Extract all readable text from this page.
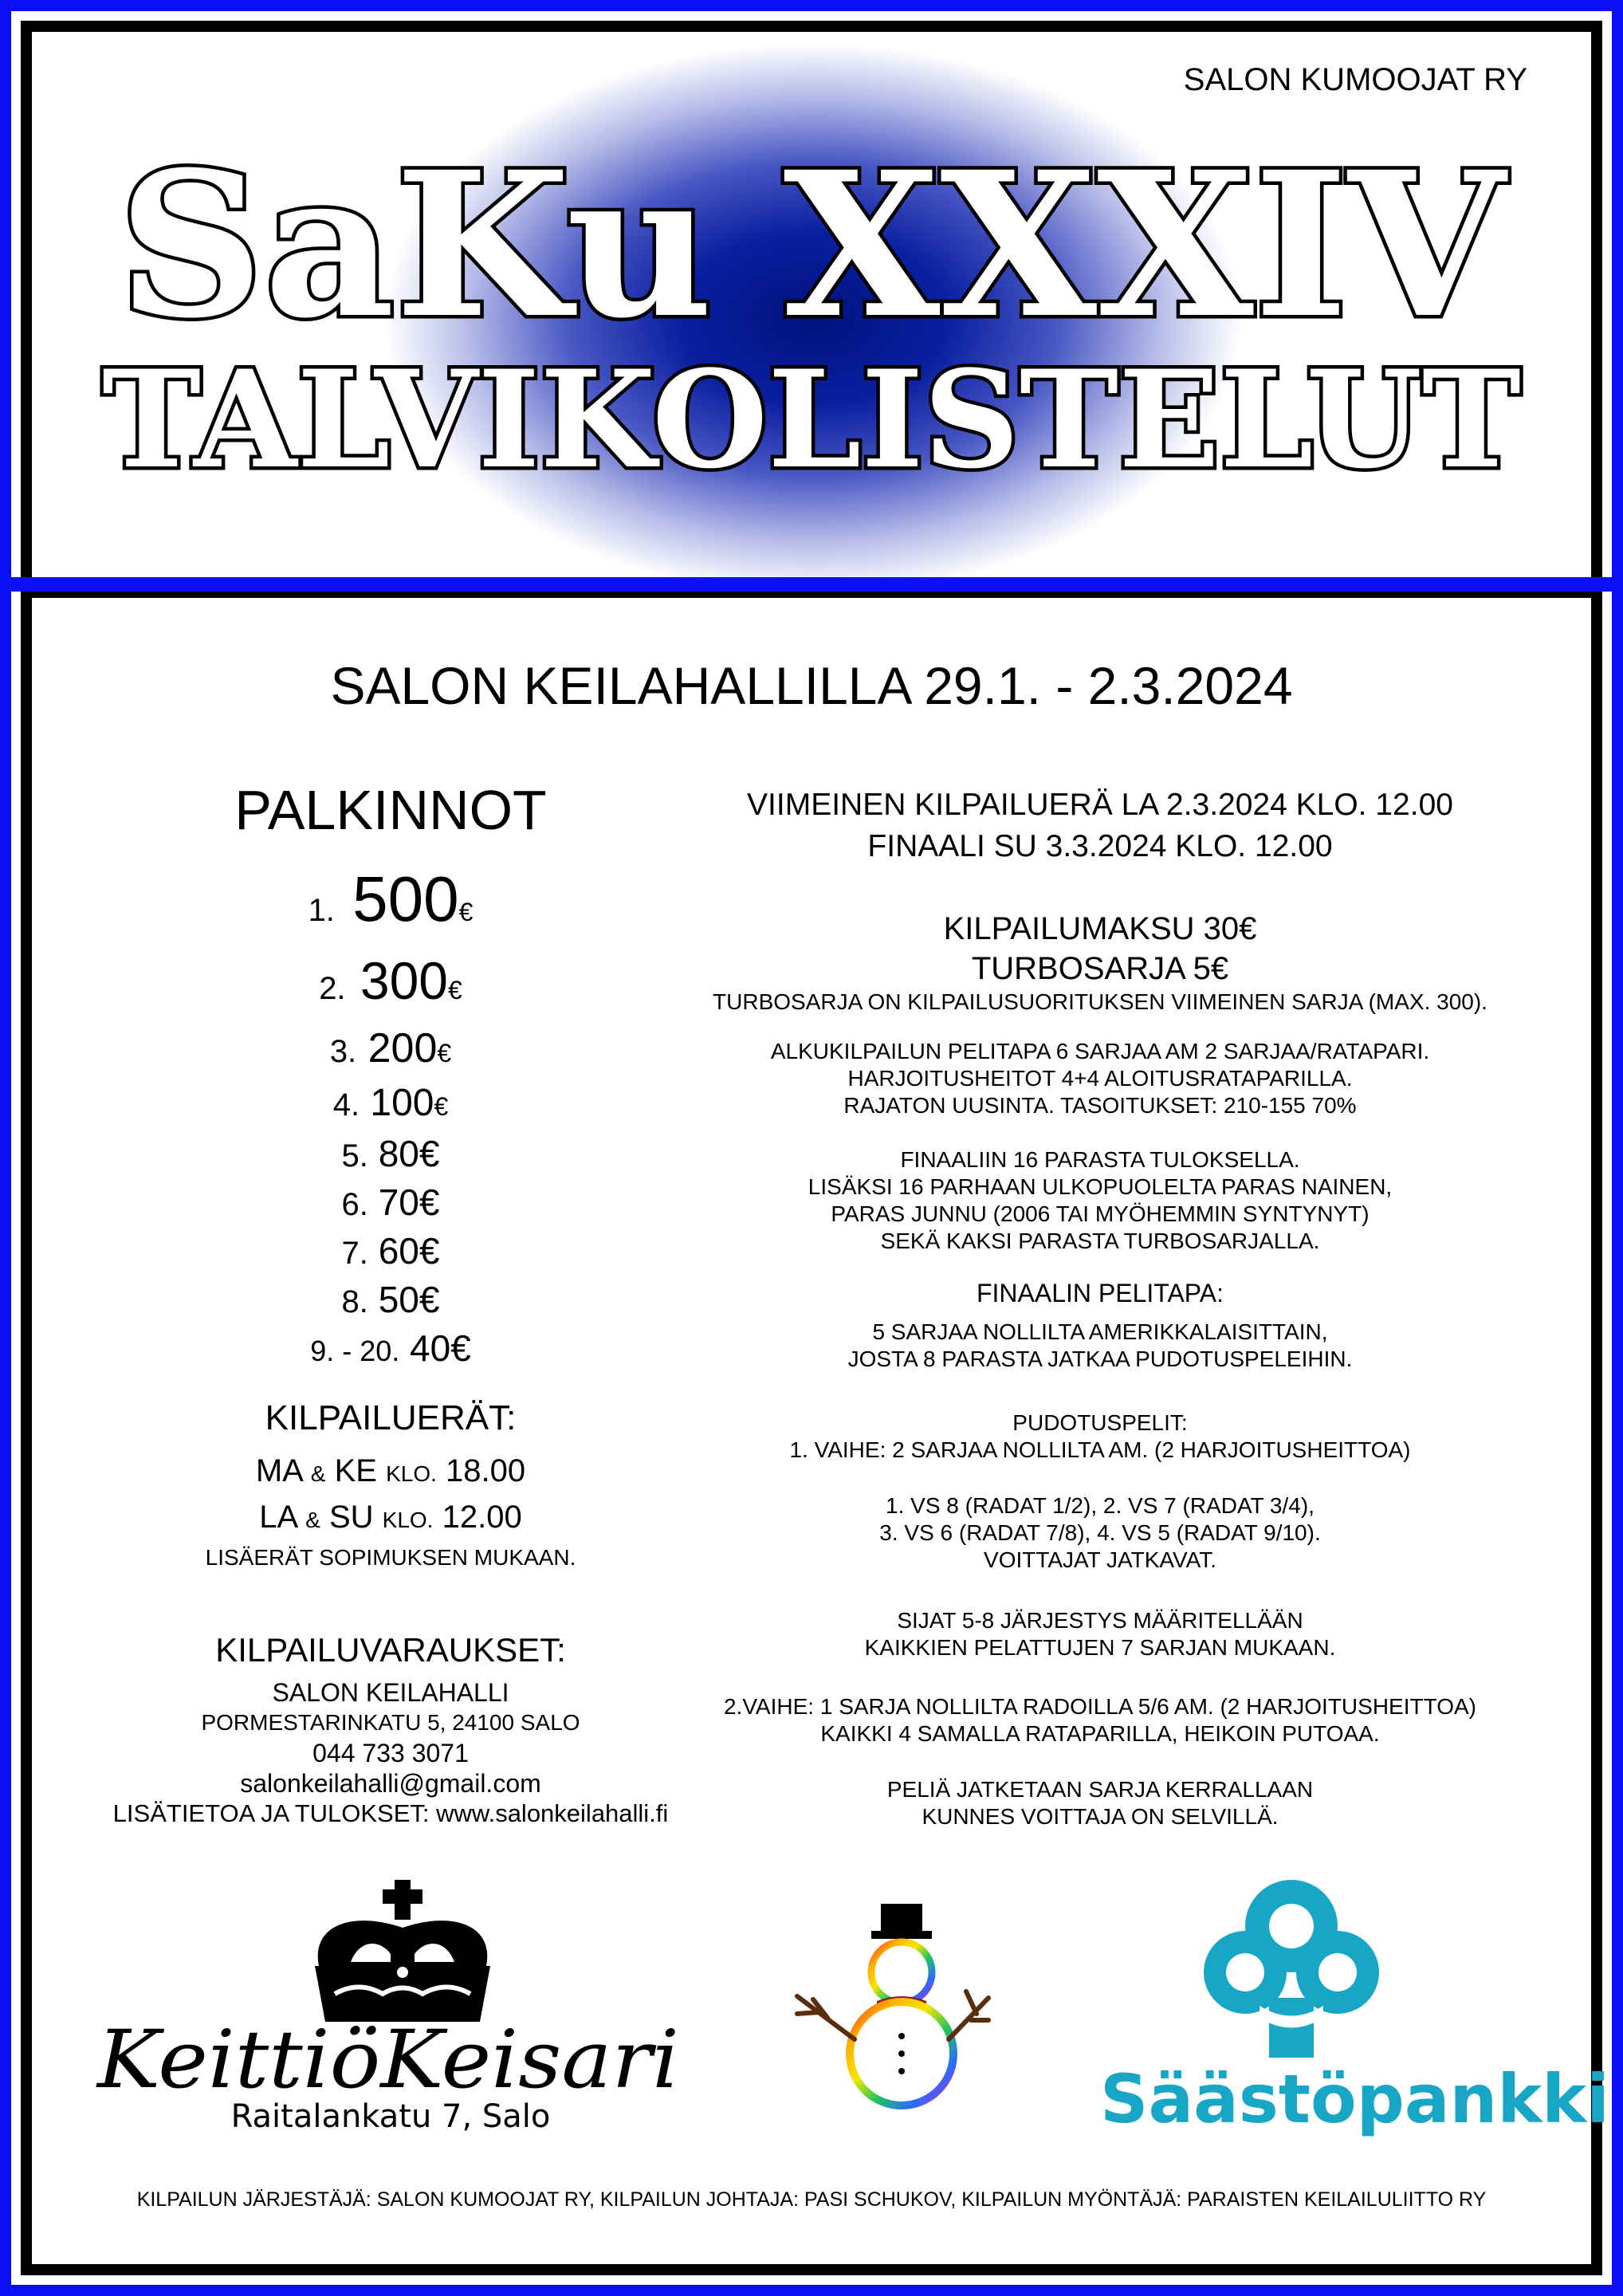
SALON KUMOOJAT RY
SaKu XXXIV
TALVIKOLISTELUT
SALON KEILAHALLILLA 29.1. - 2.3.2024
PALKINNOT
1. 500€
2. 300€
3. 200€
4. 100€
5. 80€
6. 70€
7. 60€
8. 50€
9. - 20. 40€
KILPAILUERÄT:
MA & KE KLO. 18.00
LA & SU KLO. 12.00
LISÄERÄT SOPIMUKSEN MUKAAN.
KILPAILUVARAUKSET:
SALON KEILAHALLI
PORMESTARINKATU 5, 24100 SALO
044 733 3071
salonkeilahalli@gmail.com
LISÄTIETOA JA TULOKSET: www.salonkeilahalli.fi
VIIMEINEN KILPAILUERÄ LA 2.3.2024 KLO. 12.00
FINAALI SU 3.3.2024 KLO. 12.00
KILPAILUMAKSU 30€
TURBOSARJA 5€
TURBOSARJA ON KILPAILUSUORITUKSEN VIIMEINEN SARJA (MAX. 300).
ALKUKILPAILUN PELITAPA 6 SARJAA AM 2 SARJAA/RATAPARI.
HARJOITUSHEITOT 4+4 ALOITUSRATAPARILLA.
RAJATON UUSINTA. TASOITUKSET: 210-155 70%
FINAALIIN 16 PARASTA TULOKSELLA.
LISÄKSI 16 PARHAAN ULKOPUOLELTA PARAS NAINEN,
PARAS JUNNU (2006 TAI MYÖHEMMIN SYNTYNYT)
SEKÄ KAKSI PARASTA TURBOSARJALLA.
FINAALIN PELITAPA:
5 SARJAA NOLLILTA AMERIKKALAISITTAIN,
JOSTA 8 PARASTA JATKAA PUDOTUSPELEIHIN.
PUDOTUSPELIT:
1. VAIHE: 2 SARJAA NOLLILTA AM. (2 HARJOITUSHEITTOA)
1. VS 8 (RADAT 1/2), 2. VS 7 (RADAT 3/4),
3. VS 6 (RADAT 7/8), 4. VS 5 (RADAT 9/10).
VOITTAJAT JATKAVAT.
SIJAT 5-8 JÄRJESTYS MÄÄRITELLÄÄN
KAIKKIEN PELATTUJEN 7 SARJAN MUKAAN.
2.VAIHE: 1 SARJA NOLLILTA RADOILLA 5/6 AM. (2 HARJOITUSHEITTOA)
KAIKKI 4 SAMALLA RATAPARILLA, HEIKOIN PUTOAA.
PELIÄ JATKETAAN SARJA KERRALLAAN
KUNNES VOITTAJA ON SELVILLÄ.
KeittiöKeisari
Raitalankatu 7, Salo	Säästöpankki
KILPAILUN JÄRJESTÄJÄ: SALON KUMOOJAT RY, KILPAILUN JOHTAJA: PASI SCHUKOV, KILPAILUN MYÖNTÄJÄ: PARAISTEN KEILAILULIITTO RY
